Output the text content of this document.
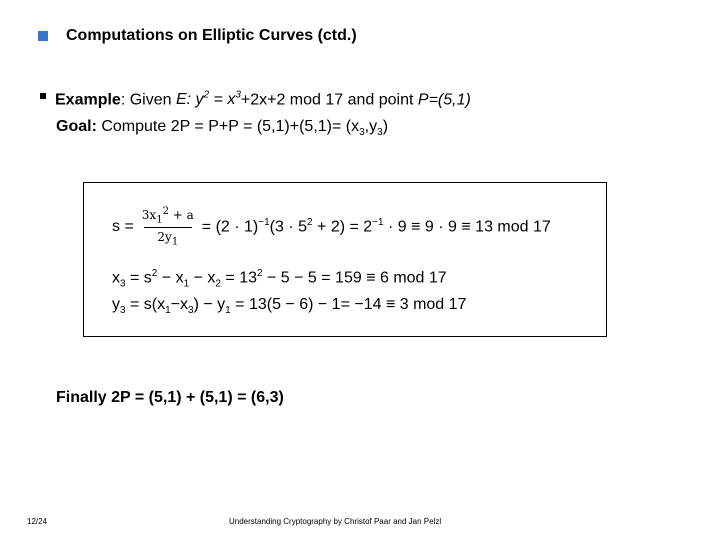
Computations on Elliptic Curves (ctd.)
Example: Given E: $y^2 = x^3+2x+2$ mod 17 and point P=(5,1)
Goal: Compute $2P = P+P = (5,1)+(5,1)= (x_3,y_3)$
$s = \frac{3x_1^2 + a}{2y_1} = (2 \cdot 1)^{-1}(3 \cdot 5^2 + 2) = 2^{-1} \cdot 9 \equiv 9 \cdot 9 \equiv 13$ mod 17
$x_3 = s^2 - x_1 - x_2 = 13^2 - 5 - 5 = 159 \equiv 6$ mod 17
$y_3 = s(x_1-x_3) - y_1 = 13(5 - 6) - 1= -14 \equiv 3$ mod 17
Finally 2P = (5,1) + (5,1) = (6,3)
12/24	Understanding Cryptography by Christof Paar and Jan Pelzl
